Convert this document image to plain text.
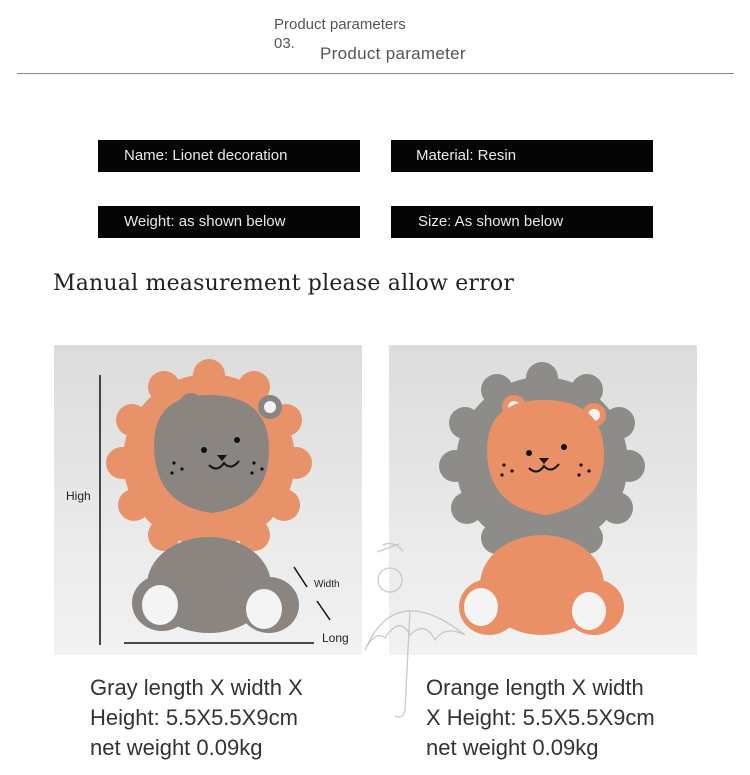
Product parameters
03.
Product parameter
Name: Lionet decoration	Material: Resin
Weight: as shown below	Size: As shown below
Manual measurement please allow error
High
Width
Long
Gray length X width X
Height: 5.5X5.5X9cm
net weight 0.09kg
Orange length X width
X Height: 5.5X5.5X9cm
net weight 0.09kg
